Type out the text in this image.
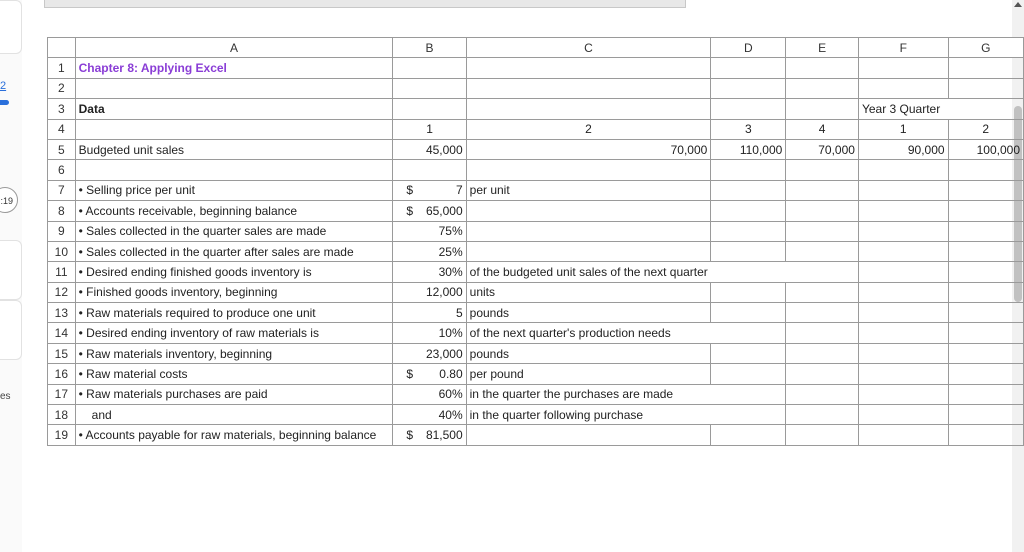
2
:19
es
	A	B	C	D	E	F	G
1	Chapter 8: Applying Excel						
2							
3	Data					Year 3 Quarter	
4		1	2	3	4	1	2
5	Budgeted unit sales	45,000	70,000	110,000	70,000	90,000	100,000
6							
7	• Selling price per unit	$ 7	per unit				
8	• Accounts receivable, beginning balance	$ 65,000					
9	• Sales collected in the quarter sales are made	75%					
10	• Sales collected in the quarter after sales are made	25%					
11	• Desired ending finished goods inventory is	30%	of the budgeted unit sales of the next quarter				
12	• Finished goods inventory, beginning	12,000	units				
13	• Raw materials required to produce one unit	5	pounds				
14	• Desired ending inventory of raw materials is	10%	of the next quarter's production needs				
15	• Raw materials inventory, beginning	23,000	pounds				
16	• Raw material costs	$ 0.80	per pound				
17	• Raw materials purchases are paid	60%	in the quarter the purchases are made				
18	and	40%	in the quarter following purchase				
19	• Accounts payable for raw materials, beginning balance	$ 81,500					
